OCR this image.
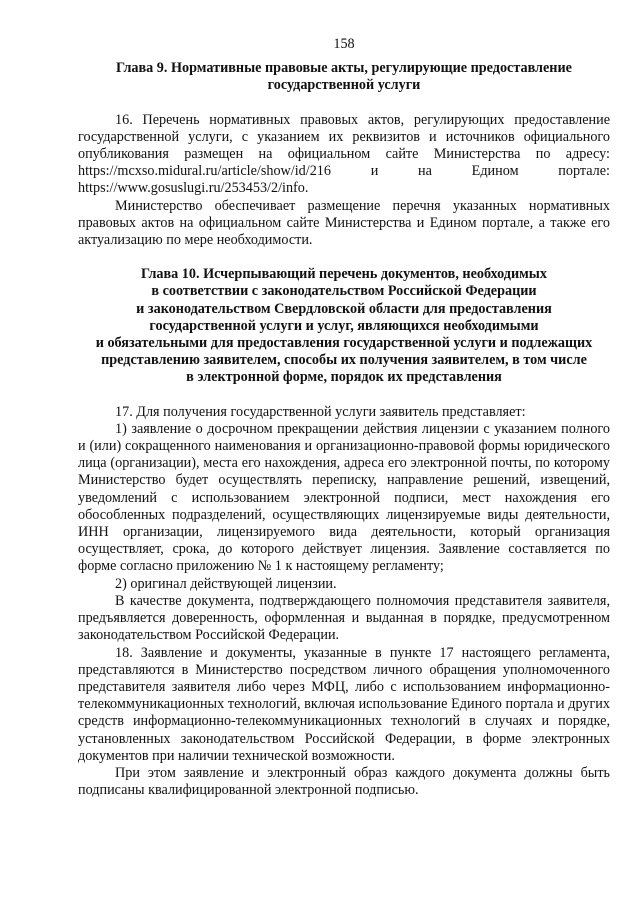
158
Глава 9. Нормативные правовые акты, регулирующие предоставление
государственной услуги

16. Перечень нормативных правовых актов, регулирующих предоставление государственной услуги, с указанием их реквизитов и источников официального опубликования размещен на официальном сайте Министерства по адресу: https://mcxso.midural.ru/article/show/id/216 и на Едином портале: https://www.gosuslugi.ru/253453/2/info.

Министерство обеспечивает размещение перечня указанных нормативных правовых актов на официальном сайте Министерства и Едином портале, а также его актуализацию по мере необходимости.

Глава 10. Исчерпывающий перечень документов, необходимых
в соответствии с законодательством Российской Федерации
и законодательством Свердловской области для предоставления
государственной услуги и услуг, являющихся необходимыми
и обязательными для предоставления государственной услуги и подлежащих
представлению заявителем, способы их получения заявителем, в том числе
в электронной форме, порядок их представления

17. Для получения государственной услуги заявитель представляет:

1) заявление о досрочном прекращении действия лицензии с указанием полного и (или) сокращенного наименования и организационно-правовой формы юридического лица (организации), места его нахождения, адреса его электронной почты, по которому Министерство будет осуществлять переписку, направление решений, извещений, уведомлений с использованием электронной подписи, мест нахождения его обособленных подразделений, осуществляющих лицензируемые виды деятельности, ИНН организации, лицензируемого вида деятельности, который организация осуществляет, срока, до которого действует лицензия. Заявление составляется по форме согласно приложению № 1 к настоящему регламенту;

2) оригинал действующей лицензии.

В качестве документа, подтверждающего полномочия представителя заявителя, предъявляется доверенность, оформленная и выданная в порядке, предусмотренном законодательством Российской Федерации.

18. Заявление и документы, указанные в пункте 17 настоящего регламента, представляются в Министерство посредством личного обращения уполномоченного представителя заявителя либо через МФЦ, либо с использованием информационно-телекоммуникационных технологий, включая использование Единого портала и других средств информационно-телекоммуникационных технологий в случаях и порядке, установленных законодательством Российской Федерации, в форме электронных документов при наличии технической возможности.

При этом заявление и электронный образ каждого документа должны быть подписаны квалифицированной электронной подписью.
